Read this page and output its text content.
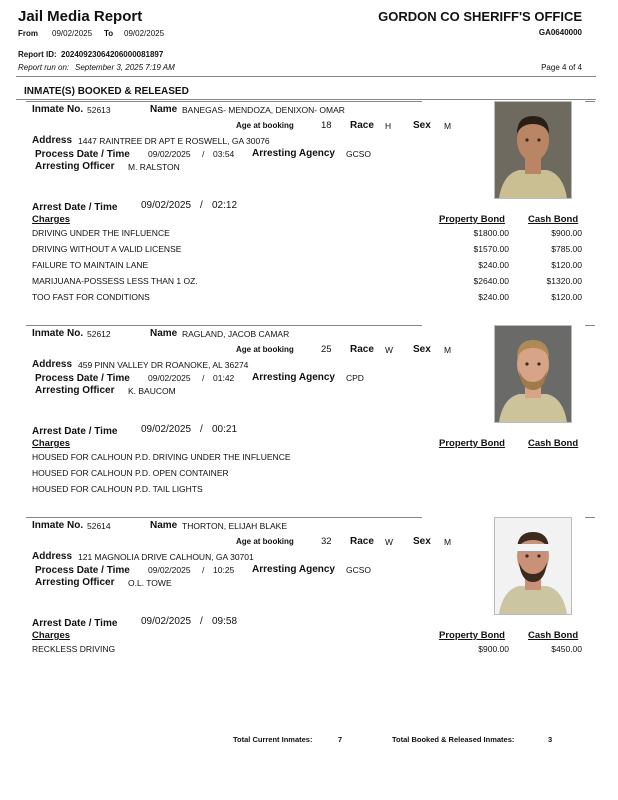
Jail Media Report
From 09/02/2025 To 09/02/2025
GORDON CO SHERIFF'S OFFICE
GA0640000
Report ID: 20240923064206000081897
Report run on: September 3, 2025 7:19 AM	Page 4 of 4
INMATE(S) BOOKED & RELEASED
Inmate No. 52613	Name BANEGAS- MENDOZA, DENIXON- OMAR
Age at booking	18 Race H Sex M
Address 1447 RAINTREE DR APT E ROSWELL, GA 30076
Process Date / Time 09/02/2025 / 03:54 Arresting Agency GCSO
Arresting Officer M. RALSTON
Arrest Date / Time 09/02/2025 / 02:12
Charges	Property Bond Cash Bond
DRIVING UNDER THE INFLUENCE	$1800.00	$900.00
DRIVING WITHOUT A VALID LICENSE	$1570.00	$785.00
FAILURE TO MAINTAIN LANE	$240.00	$120.00
MARIJUANA-POSSESS LESS THAN 1 OZ.	$2640.00	$1320.00
TOO FAST FOR CONDITIONS	$240.00	$120.00
Inmate No. 52612	Name RAGLAND, JACOB CAMAR
Age at booking	25 Race W Sex M
Address 459 PINN VALLEY DR ROANOKE, AL 36274
Process Date / Time 09/02/2025 / 01:42 Arresting Agency CPD
Arresting Officer K. BAUCOM
Arrest Date / Time 09/02/2025 / 00:21
Charges	Property Bond Cash Bond
HOUSED FOR CALHOUN P.D. DRIVING UNDER THE INFLUENCE
HOUSED FOR CALHOUN P.D. OPEN CONTAINER
HOUSED FOR CALHOUN P.D. TAIL LIGHTS
Inmate No. 52614	Name THORTON, ELIJAH BLAKE
Age at booking	32 Race W Sex M
Address 121 MAGNOLIA DRIVE CALHOUN, GA 30701
Process Date / Time 09/02/2025 / 10:25 Arresting Agency GCSO
Arresting Officer O.L. TOWE
Arrest Date / Time 09/02/2025 / 09:58
Charges	Property Bond Cash Bond
RECKLESS DRIVING	$900.00	$450.00
Total Current Inmates:	7	Total Booked & Released Inmates:	3
